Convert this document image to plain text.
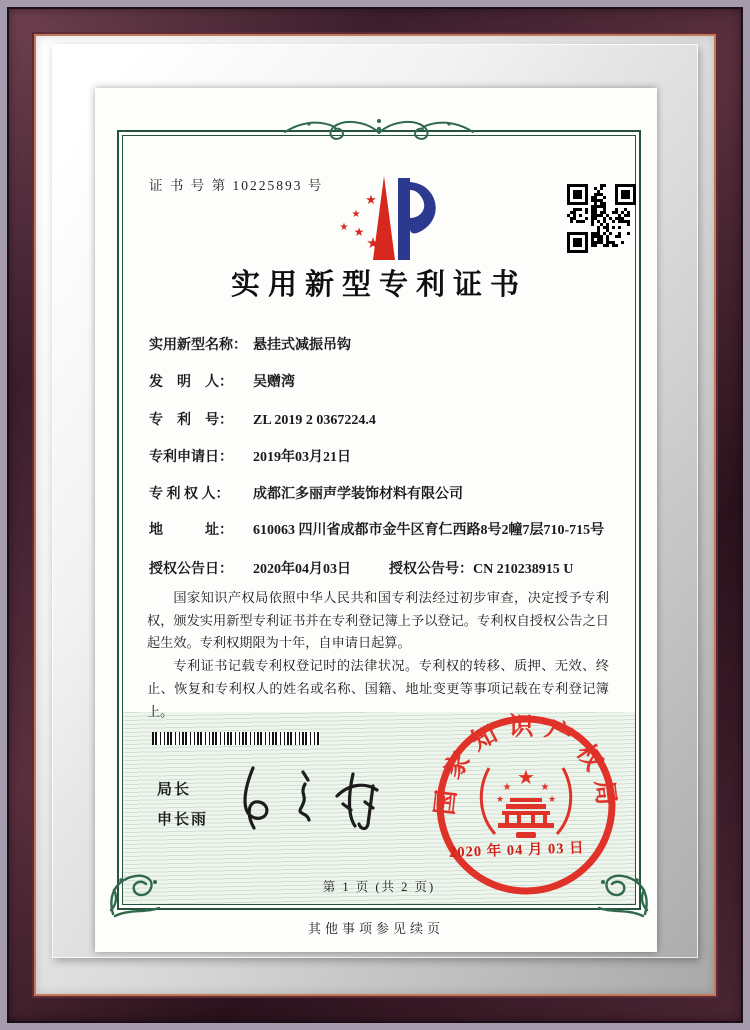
证 书 号 第 10225893 号
★
★
★ ★
★
实用新型专利证书
实用新型名称： 悬挂式减振吊钩
发　明　人：	吴赠湾
专　利　号：	ZL 2019 2 0367224.4
专利申请日：	2019年03月21日
专 利 权 人：	成都汇多丽声学装饰材料有限公司
地　　　址：	610063 四川省成都市金牛区育仁西路8号2幢7层710-715号
授权公告日：	2020年04月03日	授权公告号： CN 210238915 U

国家知识产权局依照中华人民共和国专利法经过初步审查，决定授予专利权，颁发实用新型专利证书并在专利登记簿上予以登记。专利权自授权公告之日起生效。专利权期限为十年，自申请日起算。

专利证书记载专利权登记时的法律状况。专利权的转移、质押、无效、终止、恢复和专利权人的姓名或名称、国籍、地址变更等事项记载在专利登记簿上。

局长
申长雨
国家知识产权局
★
★	★
★	★
2020 年 04 月 03 日
第 1 页 (共 2 页)
其他事项参见续页
